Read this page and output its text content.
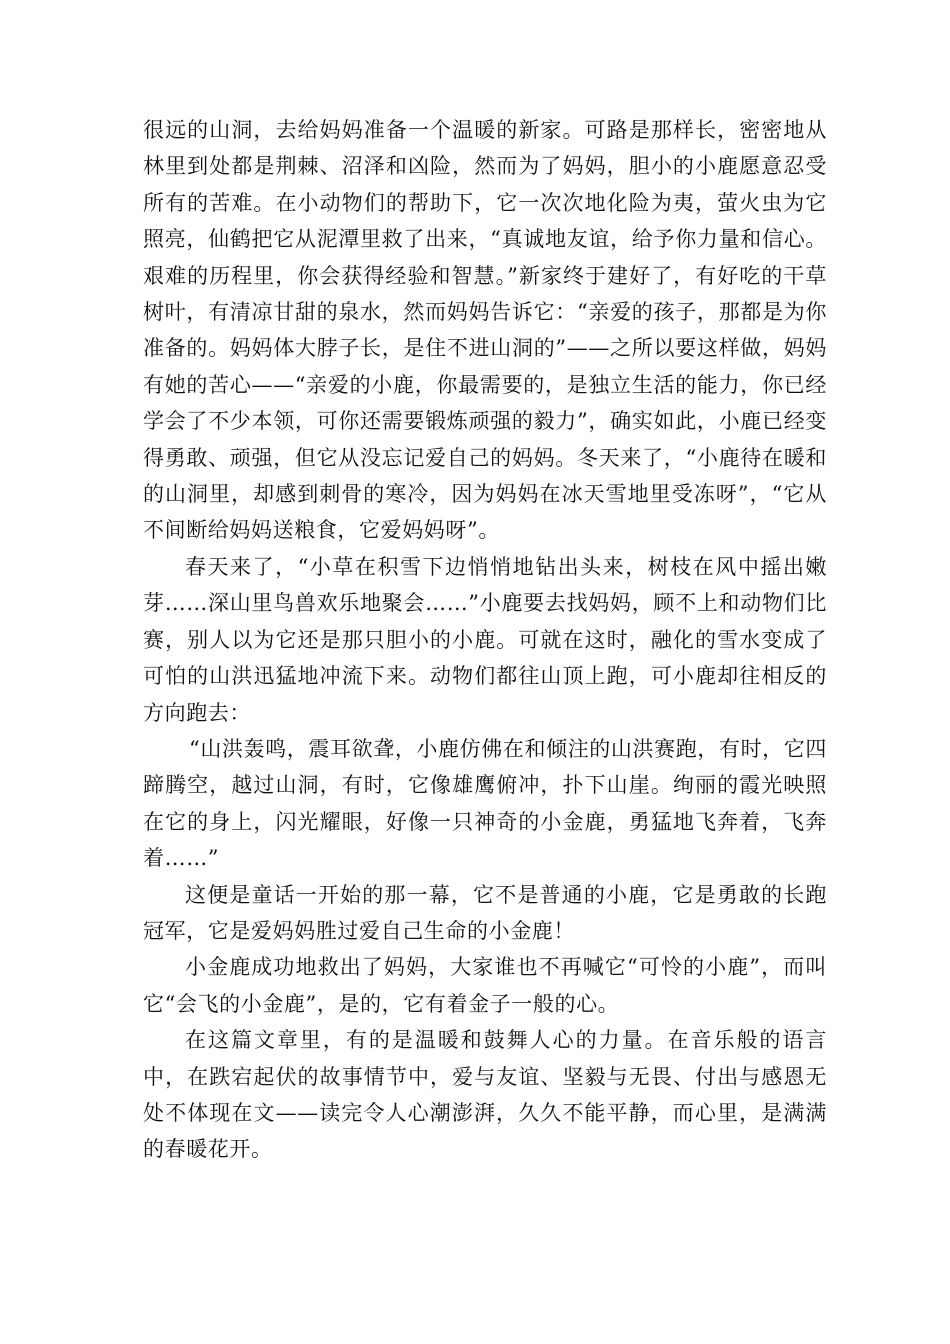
很远的山洞，去给妈妈准备一个温暖的新家。可路是那样长，密密地从林里到处都是荆棘、沼泽和凶险，然而为了妈妈，胆小的小鹿愿意忍受所有的苦难。在小动物们的帮助下，它一次次地化险为夷，萤火虫为它照亮，仙鹤把它从泥潭里救了出来，“真诚地友谊，给予你力量和信心。艰难的历程里，你会获得经验和智慧。”新家终于建好了，有好吃的干草树叶，有清凉甘甜的泉水，然而妈妈告诉它：“亲爱的孩子，那都是为你准备的。妈妈体大脖子长，是住不进山洞的”——之所以要这样做，妈妈有她的苦心——“亲爱的小鹿，你最需要的，是独立生活的能力，你已经学会了不少本领，可你还需要锻炼顽强的毅力”，确实如此，小鹿已经变得勇敢、顽强，但它从没忘记爱自己的妈妈。冬天来了，“小鹿待在暖和的山洞里，却感到刺骨的寒冷，因为妈妈在冰天雪地里受冻呀”，“它从不间断给妈妈送粮食，它爱妈妈呀”。

春天来了，“小草在积雪下边悄悄地钻出头来，树枝在风中摇出嫩芽……深山里鸟兽欢乐地聚会……”小鹿要去找妈妈，顾不上和动物们比赛，别人以为它还是那只胆小的小鹿。可就在这时，融化的雪水变成了可怕的山洪迅猛地冲流下来。动物们都往山顶上跑，可小鹿却往相反的方向跑去：

“山洪轰鸣，震耳欲聋，小鹿仿佛在和倾注的山洪赛跑，有时，它四蹄腾空，越过山洞，有时，它像雄鹰俯冲，扑下山崖。绚丽的霞光映照在它的身上，闪光耀眼，好像一只神奇的小金鹿，勇猛地飞奔着，飞奔着……”

这便是童话一开始的那一幕，它不是普通的小鹿，它是勇敢的长跑冠军，它是爱妈妈胜过爱自己生命的小金鹿！

小金鹿成功地救出了妈妈，大家谁也不再喊它“可怜的小鹿”，而叫它“会飞的小金鹿”，是的，它有着金子一般的心。

在这篇文章里，有的是温暖和鼓舞人心的力量。在音乐般的语言中，在跌宕起伏的故事情节中，爱与友谊、坚毅与无畏、付出与感恩无处不体现在文——读完令人心潮澎湃，久久不能平静，而心里，是满满的春暖花开。
